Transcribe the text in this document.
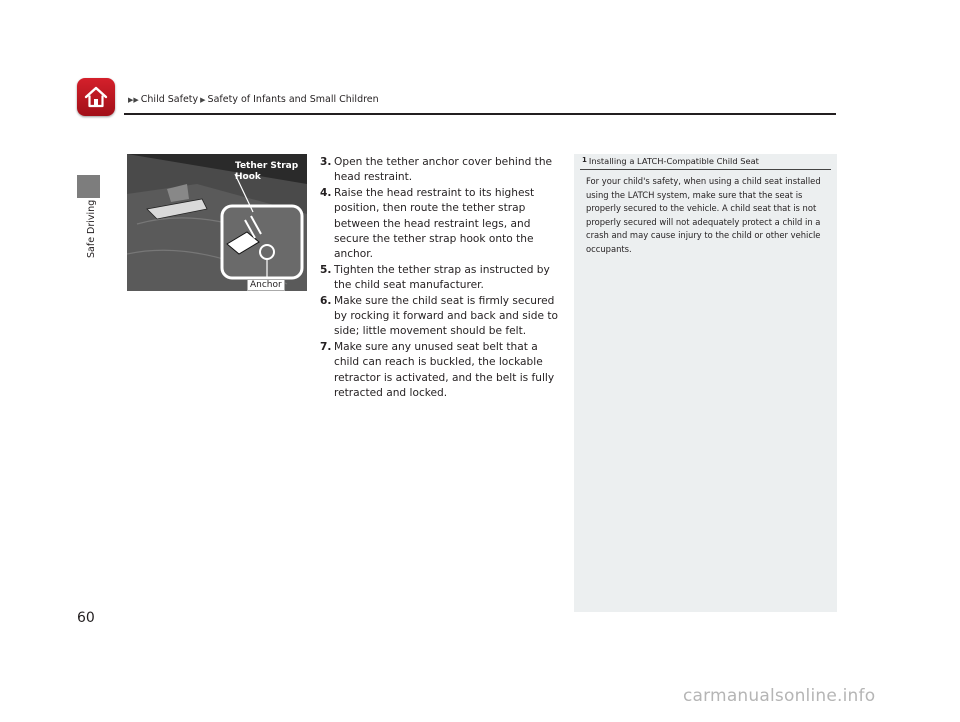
▶▶ Child Safety ▶ Safety of Infants and Small Children
Safe Driving
Tether Strap Hook
Anchor
3. Open the tether anchor cover behind the head restraint.
4. Raise the head restraint to its highest position, then route the tether strap between the head restraint legs, and secure the tether strap hook onto the anchor.
5. Tighten the tether strap as instructed by the child seat manufacturer.
6. Make sure the child seat is firmly secured by rocking it forward and back and side to side; little movement should be felt.
7. Make sure any unused seat belt that a child can reach is buckled, the lockable retractor is activated, and the belt is fully retracted and locked.
1 Installing a LATCH-Compatible Child Seat
For your child's safety, when using a child seat installed using the LATCH system, make sure that the seat is properly secured to the vehicle. A child seat that is not properly secured will not adequately protect a child in a crash and may cause injury to the child or other vehicle occupants.
60
carmanualsonline.info
